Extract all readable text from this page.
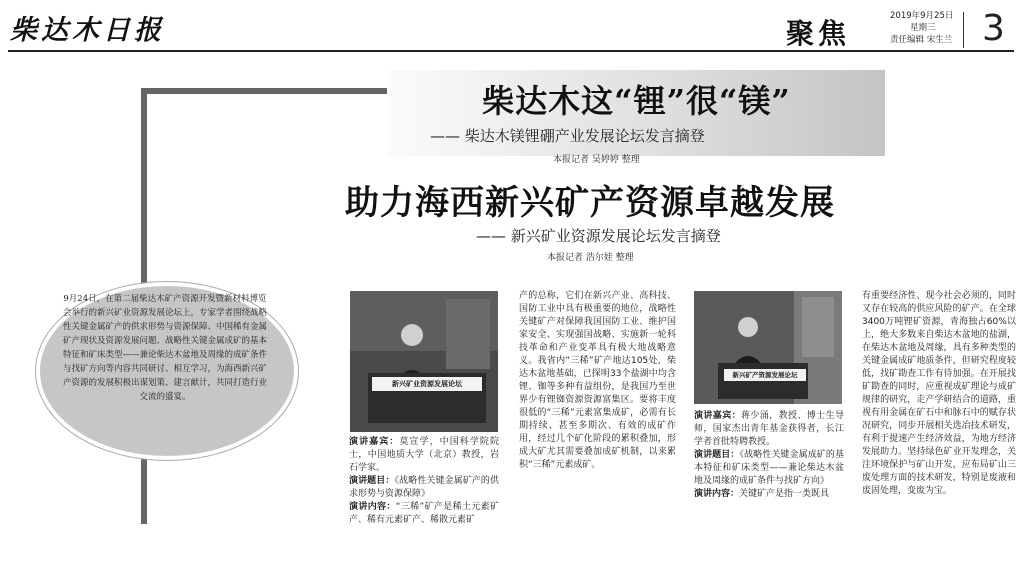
柴达木日报	聚焦
2019年9月25日
星期三
责任编辑 宋生兰 3
柴达木这“锂”很“镁”
—— 柴达木镁锂硼产业发展论坛发言摘登
本报记者 吴婷婷 整理
助力海西新兴矿产资源卓越发展
—— 新兴矿业资源发展论坛发言摘登
本报记者 浩尔娃 整理
9月24日，在第二届柴达木矿产资源开发暨新材料博览会举行的新兴矿业资源发展论坛上，专家学者围绕战略性关键金属矿产的供求形势与资源保障、中国稀有金属矿产现状及资源发展问题、战略性关键金属成矿的基本特征和矿床类型——兼论柴达木盆地及周缘的成矿条件与找矿方向等内容共同研讨、相互学习，为海西新兴矿产资源的发展积极出谋划策、建言献计，共同打造行业交流的盛宴。
新兴矿业资源发展论坛
新兴矿产资源发展论坛
演讲嘉宾：莫宣学，中国科学院院士，中国地质大学（北京）教授，岩石学家。
演讲题目：《战略性关键金属矿产的供求形势与资源保障》
演讲内容：“三稀”矿产是稀土元素矿产、稀有元素矿产、稀散元素矿
产的总称，它们在新兴产业、高科技、国防工业中具有极重要的地位，战略性关键矿产对保障我国国防工业、维护国家安全、实现强国战略、实施新一轮科技革命和产业变革具有极大地战略意义。我省内“三稀”矿产地达105处，柴达木盆地基础，已探明33个盐湖中均含锂、铷等多种有益组份，是我国乃至世界少有锂铷资源资源富集区。要将丰度很低的“三稀”元素富集成矿，必需有长期持续、甚至多期次、有效的成矿作用，经过几个矿化阶段的累积叠加，形成大矿尤其需要叠加成矿机制，以来累积“三稀”元素成矿。
演讲嘉宾：蒋少涌，教授、博士生导师，国家杰出青年基金获得者，长江学者首批特聘教授。
演讲题目：《战略性关键金属成矿的基本特征和矿床类型——兼论柴达木盆地及周缘的成矿条件与找矿方向》
演讲内容：关键矿产是指一类既具
有重要经济性、现今社会必须的，同时又存在较高的供应风险的矿产。在全球3400万吨锂矿资源，青海独占60%以上，绝大多数来自柴达木盆地的盐湖，在柴达木盆地及周缘，具有多种类型的关键金属成矿地质条件，但研究程度较低，找矿勘查工作有待加强。在开展找矿勘查的同时，应重视成矿理论与成矿规律的研究，走产学研结合的道路，重视有用金属在矿石中和脉石中的赋存状况研究，同步开展相关选冶技术研发，有利于提速产生经济效益，为地方经济发展助力。坚持绿色矿业开发理念，关注环境保护与矿山开发，应布局矿山三废处理方面的技术研发，特别是废液和废固处理，变废为宝。
